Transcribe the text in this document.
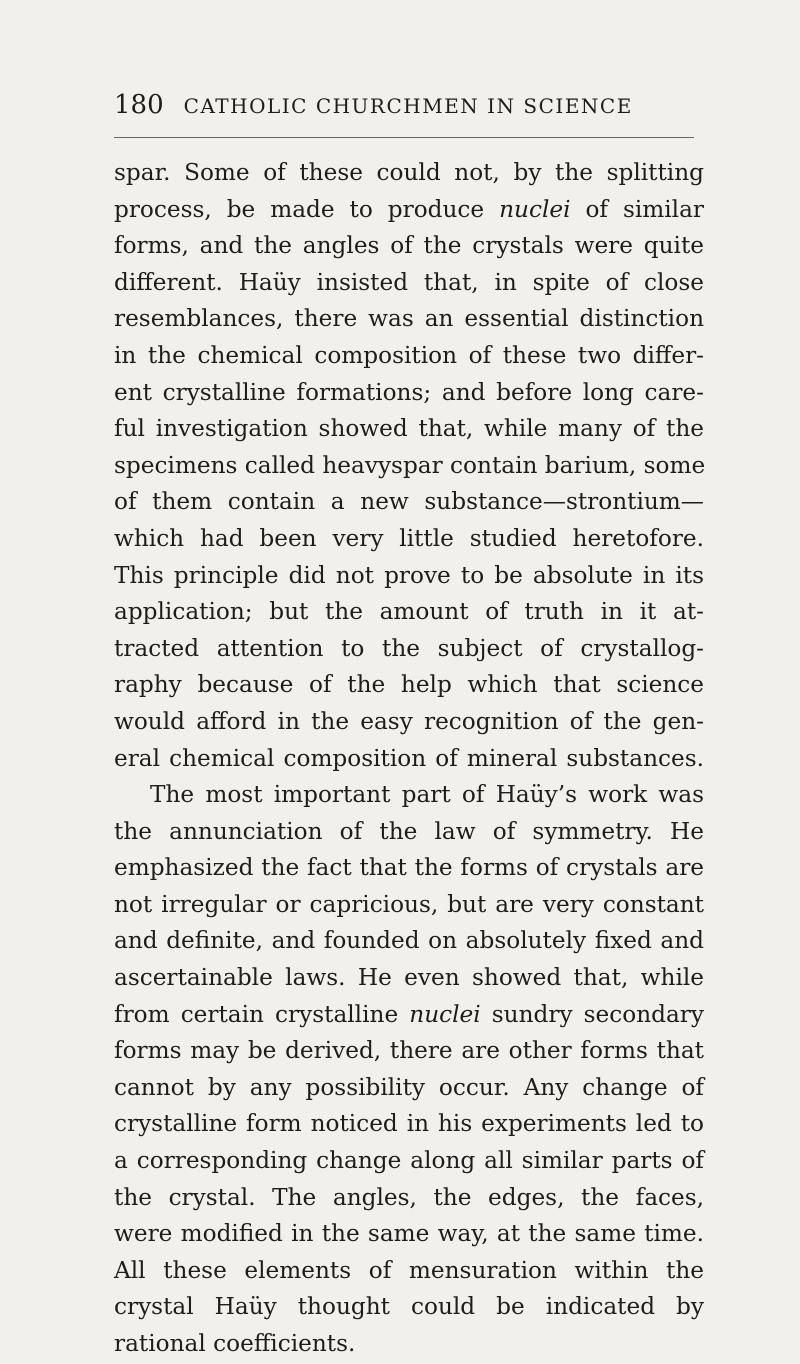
180 CATHOLIC CHURCHMEN IN SCIENCE
spar. Some of these could not, by the splitting
process, be made to produce nuclei of similar
forms, and the angles of the crystals were quite
different. Haüy insisted that, in spite of close
resemblances, there was an essential distinction
in the chemical composition of these two differ-
ent crystalline formations; and before long care-
ful investigation showed that, while many of the
specimens called heavyspar contain barium, some
of them contain a new substance—strontium—
which had been very little studied heretofore.
This principle did not prove to be absolute in its
application; but the amount of truth in it at-
tracted attention to the subject of crystallog-
raphy because of the help which that science
would afford in the easy recognition of the gen-
eral chemical composition of mineral substances.
The most important part of Haüy’s work was
the annunciation of the law of symmetry. He
emphasized the fact that the forms of crystals are
not irregular or capricious, but are very constant
and definite, and founded on absolutely fixed and
ascertainable laws. He even showed that, while
from certain crystalline nuclei sundry secondary
forms may be derived, there are other forms that
cannot by any possibility occur. Any change of
crystalline form noticed in his experiments led to
a corresponding change along all similar parts of
the crystal. The angles, the edges, the faces,
were modified in the same way, at the same time.
All these elements of mensuration within the
crystal Haüy thought could be indicated by
rational coefficients.
